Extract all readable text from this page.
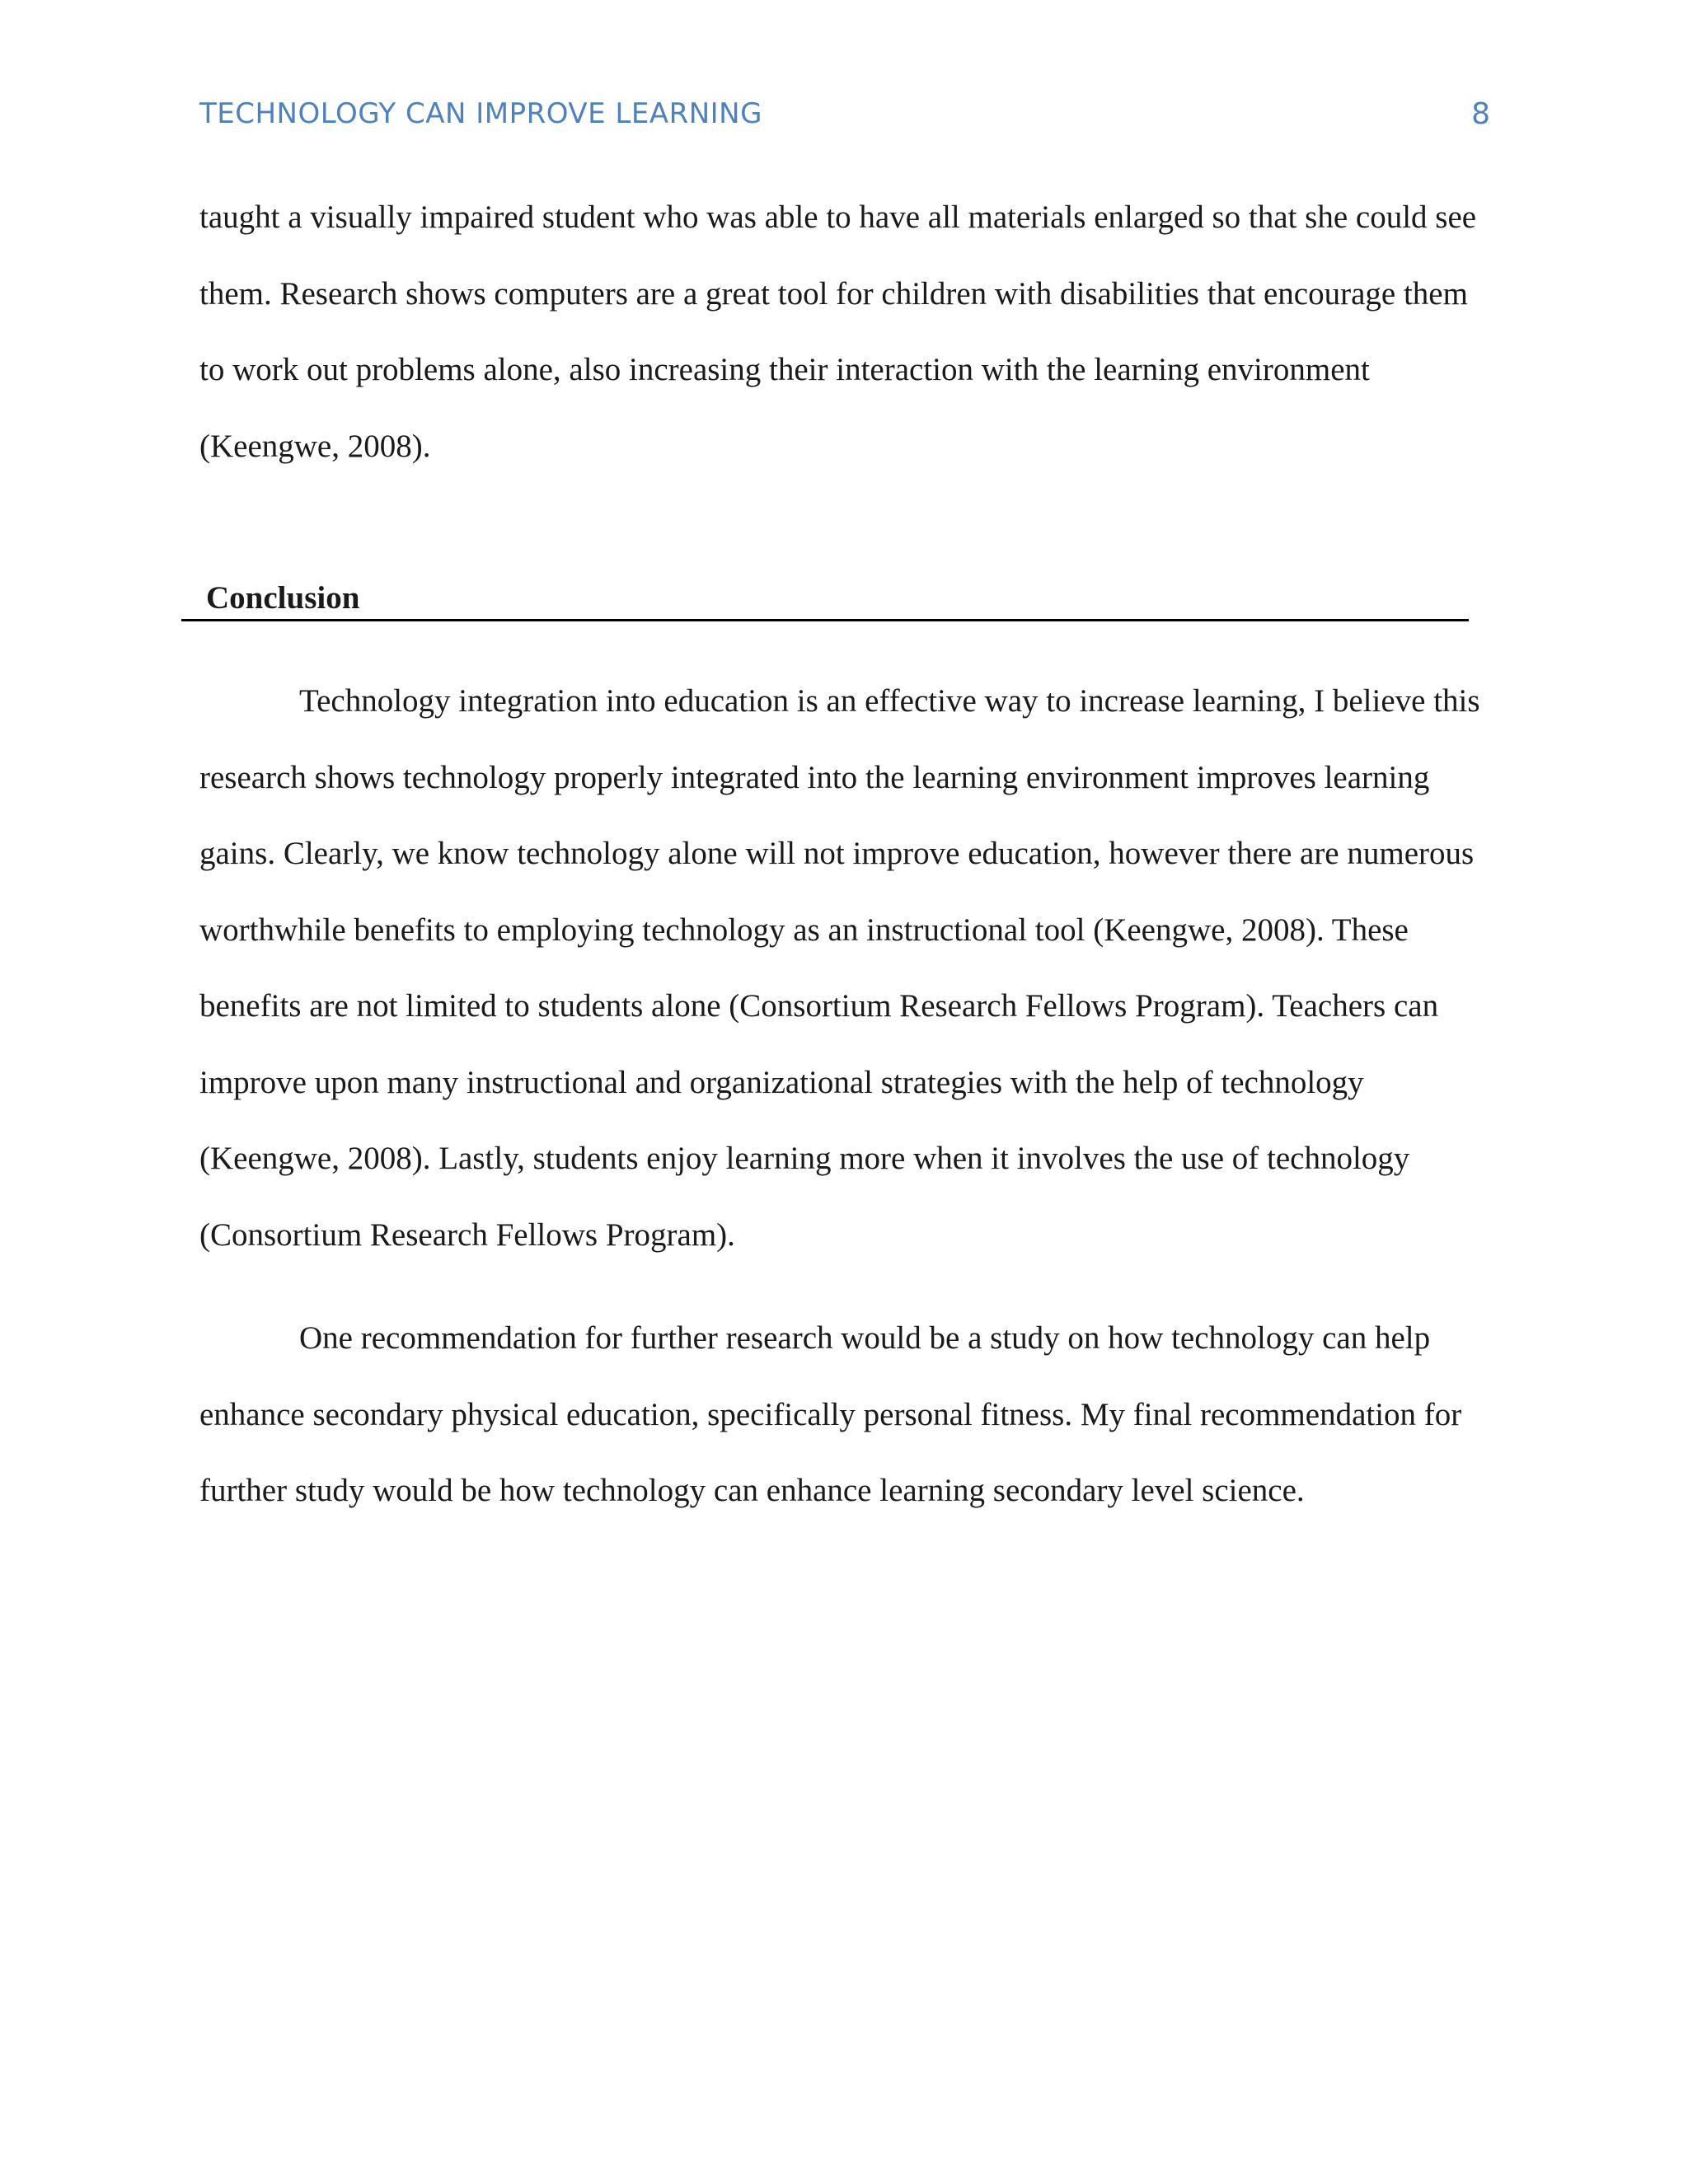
TECHNOLOGY CAN IMPROVE LEARNING	8

taught a visually impaired student who was able to have all materials enlarged so that she could see them. Research shows computers are a great tool for children with disabilities that encourage them to work out problems alone, also increasing their interaction with the learning environment (Keengwe, 2008).

Conclusion

Technology integration into education is an effective way to increase learning, I believe this research shows technology properly integrated into the learning environment improves learning gains. Clearly, we know technology alone will not improve education, however there are numerous worthwhile benefits to employing technology as an instructional tool (Keengwe, 2008). These benefits are not limited to students alone (Consortium Research Fellows Program). Teachers can improve upon many instructional and organizational strategies with the help of technology (Keengwe, 2008). Lastly, students enjoy learning more when it involves the use of technology (Consortium Research Fellows Program).

One recommendation for further research would be a study on how technology can help enhance secondary physical education, specifically personal fitness. My final recommendation for further study would be how technology can enhance learning secondary level science.
